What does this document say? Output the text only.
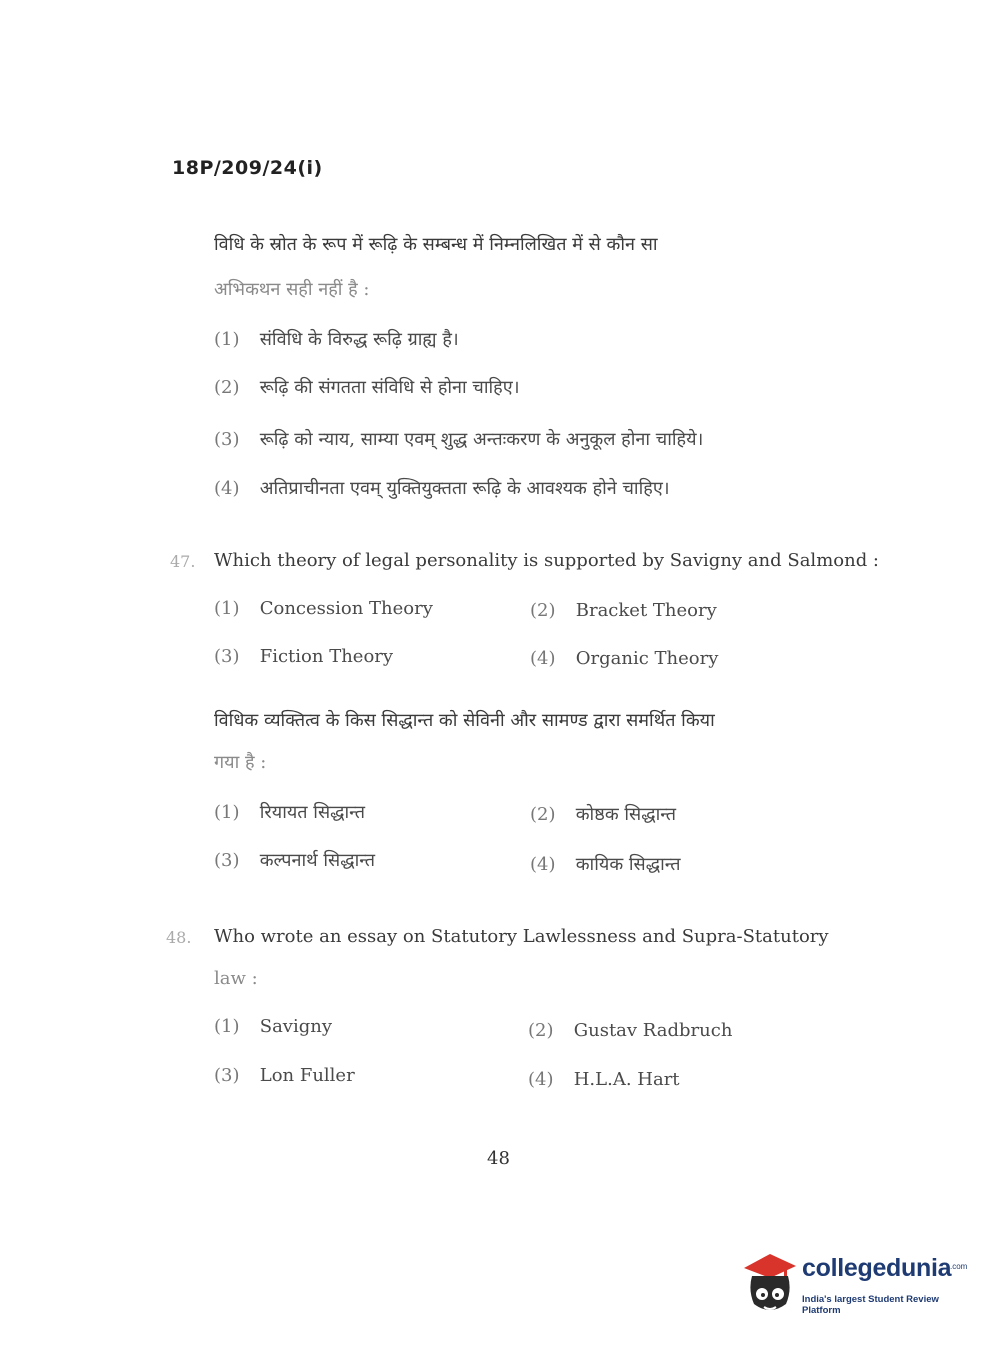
18P/209/24(i)
विधि के स्रोत के रूप में रूढ़ि के सम्बन्ध में निम्नलिखित में से कौन सा
अभिकथन सही नहीं है :
(1) संविधि के विरुद्ध रूढ़ि ग्राह्य है।
(2) रूढ़ि की संगतता संविधि से होना चाहिए।
(3) रूढ़ि को न्याय, साम्या एवम् शुद्ध अन्तःकरण के अनुकूल होना चाहिये।
(4) अतिप्राचीनता एवम् युक्तियुक्तता रूढ़ि के आवश्यक होने चाहिए।
47. Which theory of legal personality is supported by Savigny and Salmond :
(1) Concession Theory	(2) Bracket Theory
(3) Fiction Theory	(4) Organic Theory
विधिक व्यक्तित्व के किस सिद्धान्त को सेविनी और सामण्ड द्वारा समर्थित किया
गया है :
(1) रियायत सिद्धान्त	(2) कोष्ठक सिद्धान्त
(3) कल्पनार्थ सिद्धान्त	(4) कायिक सिद्धान्त
48. Who wrote an essay on Statutory Lawlessness and Supra-Statutory
law :
(1) Savigny	(2) Gustav Radbruch
(3) Lon Fuller	(4) H.L.A. Hart
48
collegedunia
.com
India's largest Student Review Platform
